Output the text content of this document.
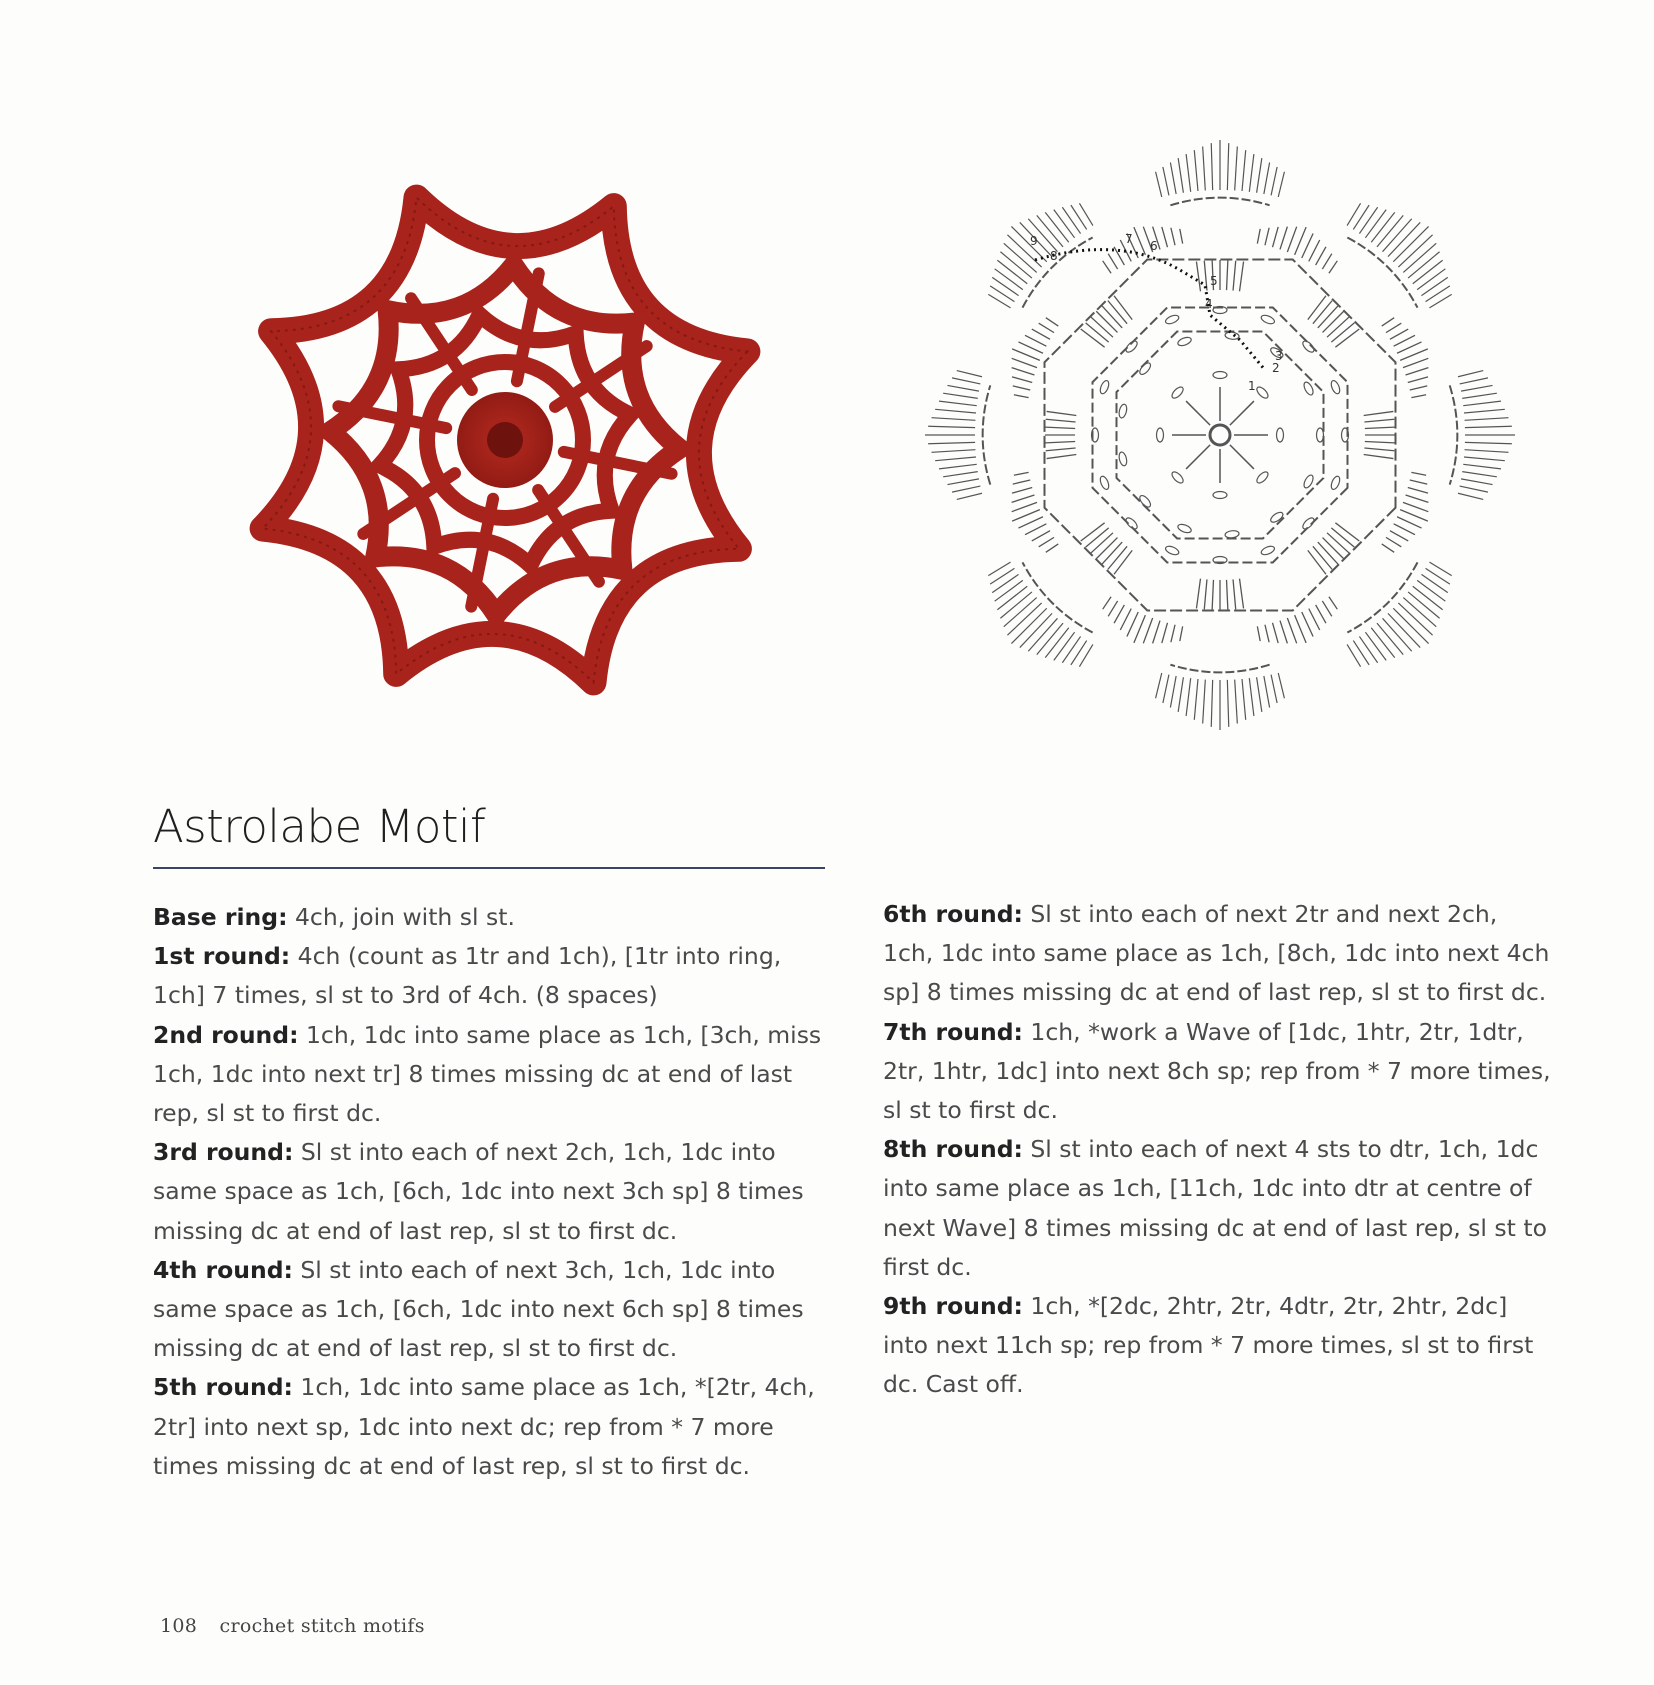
9
8
7 6
5
4
3
2
1
Astrolabe Motif

Base ring: 4ch, join with sl st.

1st round: 4ch (count as 1tr and 1ch), [1tr into ring, 1ch] 7 times, sl st to 3rd of 4ch. (8 spaces)

2nd round: 1ch, 1dc into same place as 1ch, [3ch, miss 1ch, 1dc into next tr] 8 times missing dc at end of last rep, sl st to first dc.

3rd round: Sl st into each of next 2ch, 1ch, 1dc into same space as 1ch, [6ch, 1dc into next 3ch sp] 8 times missing dc at end of last rep, sl st to first dc.

4th round: Sl st into each of next 3ch, 1ch, 1dc into same space as 1ch, [6ch, 1dc into next 6ch sp] 8 times missing dc at end of last rep, sl st to first dc.

5th round: 1ch, 1dc into same place as 1ch, *[2tr, 4ch, 2tr] into next sp, 1dc into next dc; rep from * 7 more times missing dc at end of last rep, sl st to first dc.

6th round: Sl st into each of next 2tr and next 2ch, 1ch, 1dc into same place as 1ch, [8ch, 1dc into next 4ch sp] 8 times missing dc at end of last rep, sl st to first dc.

7th round: 1ch, *work a Wave of [1dc, 1htr, 2tr, 1dtr, 2tr, 1htr, 1dc] into next 8ch sp; rep from * 7 more times, sl st to first dc.

8th round: Sl st into each of next 4 sts to dtr, 1ch, 1dc into same place as 1ch, [11ch, 1dc into dtr at centre of next Wave] 8 times missing dc at end of last rep, sl st to first dc.

9th round: 1ch, *[2dc, 2htr, 2tr, 4dtr, 2tr, 2htr, 2dc] into next 11ch sp; rep from * 7 more times, sl st to first dc. Cast off.

108 crochet stitch motifs
